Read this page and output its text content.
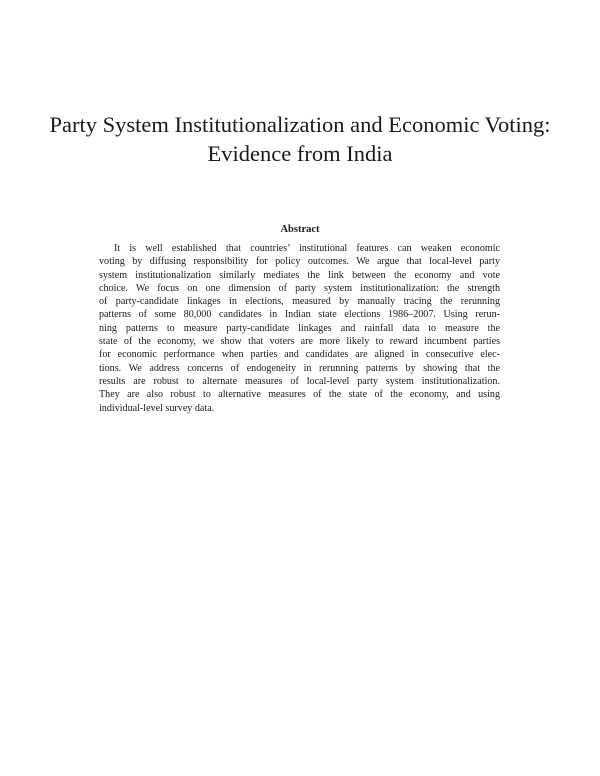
Party System Institutionalization and Economic Voting:
Evidence from India
Abstract
It is well established that countries’ institutional features can weaken economic
voting by diffusing responsibility for policy outcomes. We argue that local-level party
system institutionalization similarly mediates the link between the economy and vote
choice. We focus on one dimension of party system institutionalization: the strength
of party-candidate linkages in elections, measured by manually tracing the rerunning
patterns of some 80,000 candidates in Indian state elections 1986–2007. Using rerun-
ning patterns to measure party-candidate linkages and rainfall data to measure the
state of the economy, we show that voters are more likely to reward incumbent parties
for economic performance when parties and candidates are aligned in consecutive elec-
tions. We address concerns of endogeneity in rerunning patterns by showing that the
results are robust to alternate measures of local-level party system institutionalization.
They are also robust to alternative measures of the state of the economy, and using
individual-level survey data.
